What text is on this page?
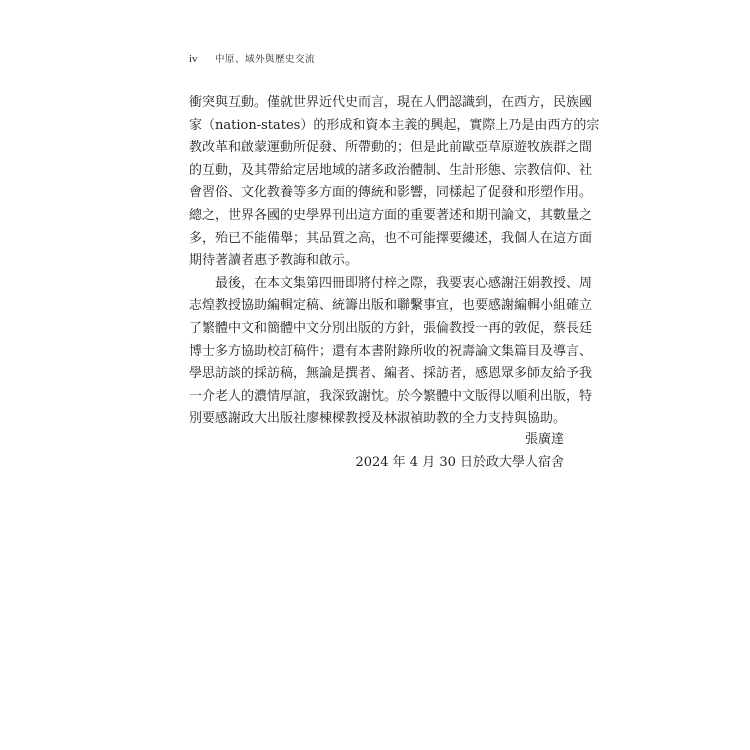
iv 中原、域外與歷史交流
衝突與互動。僅就世界近代史而言，現在人們認識到，在西方，民族國
家（nation-states）的形成和資本主義的興起，實際上乃是由西方的宗
教改革和啟蒙運動所促發、所帶動的；但是此前歐亞草原遊牧族群之間
的互動，及其帶給定居地域的諸多政治體制、生計形態、宗教信仰、社
會習俗、文化教養等多方面的傳統和影響，同樣起了促發和形塑作用。
總之，世界各國的史學界刊出這方面的重要著述和期刊論文，其數量之
多，殆已不能備舉；其品質之高，也不可能擇要縷述，我個人在這方面
期待著讀者惠予教誨和啟示。
最後，在本文集第四冊即將付梓之際，我要衷心感謝汪娟教授、周
志煌教授協助編輯定稿、統籌出版和聯繫事宜，也要感謝編輯小組確立
了繁體中文和簡體中文分別出版的方針，張倫教授一再的敦促，蔡長廷
博士多方協助校訂稿件；還有本書附錄所收的祝壽論文集篇目及導言、
學思訪談的採訪稿，無論是撰者、編者、採訪者，感恩眾多師友給予我
一介老人的濃情厚誼，我深致謝忱。於今繁體中文版得以順利出版，特
別要感謝政大出版社廖棟樑教授及林淑禎助教的全力支持與協助。
張廣達
2024 年 4 月 30 日於政大學人宿舍
